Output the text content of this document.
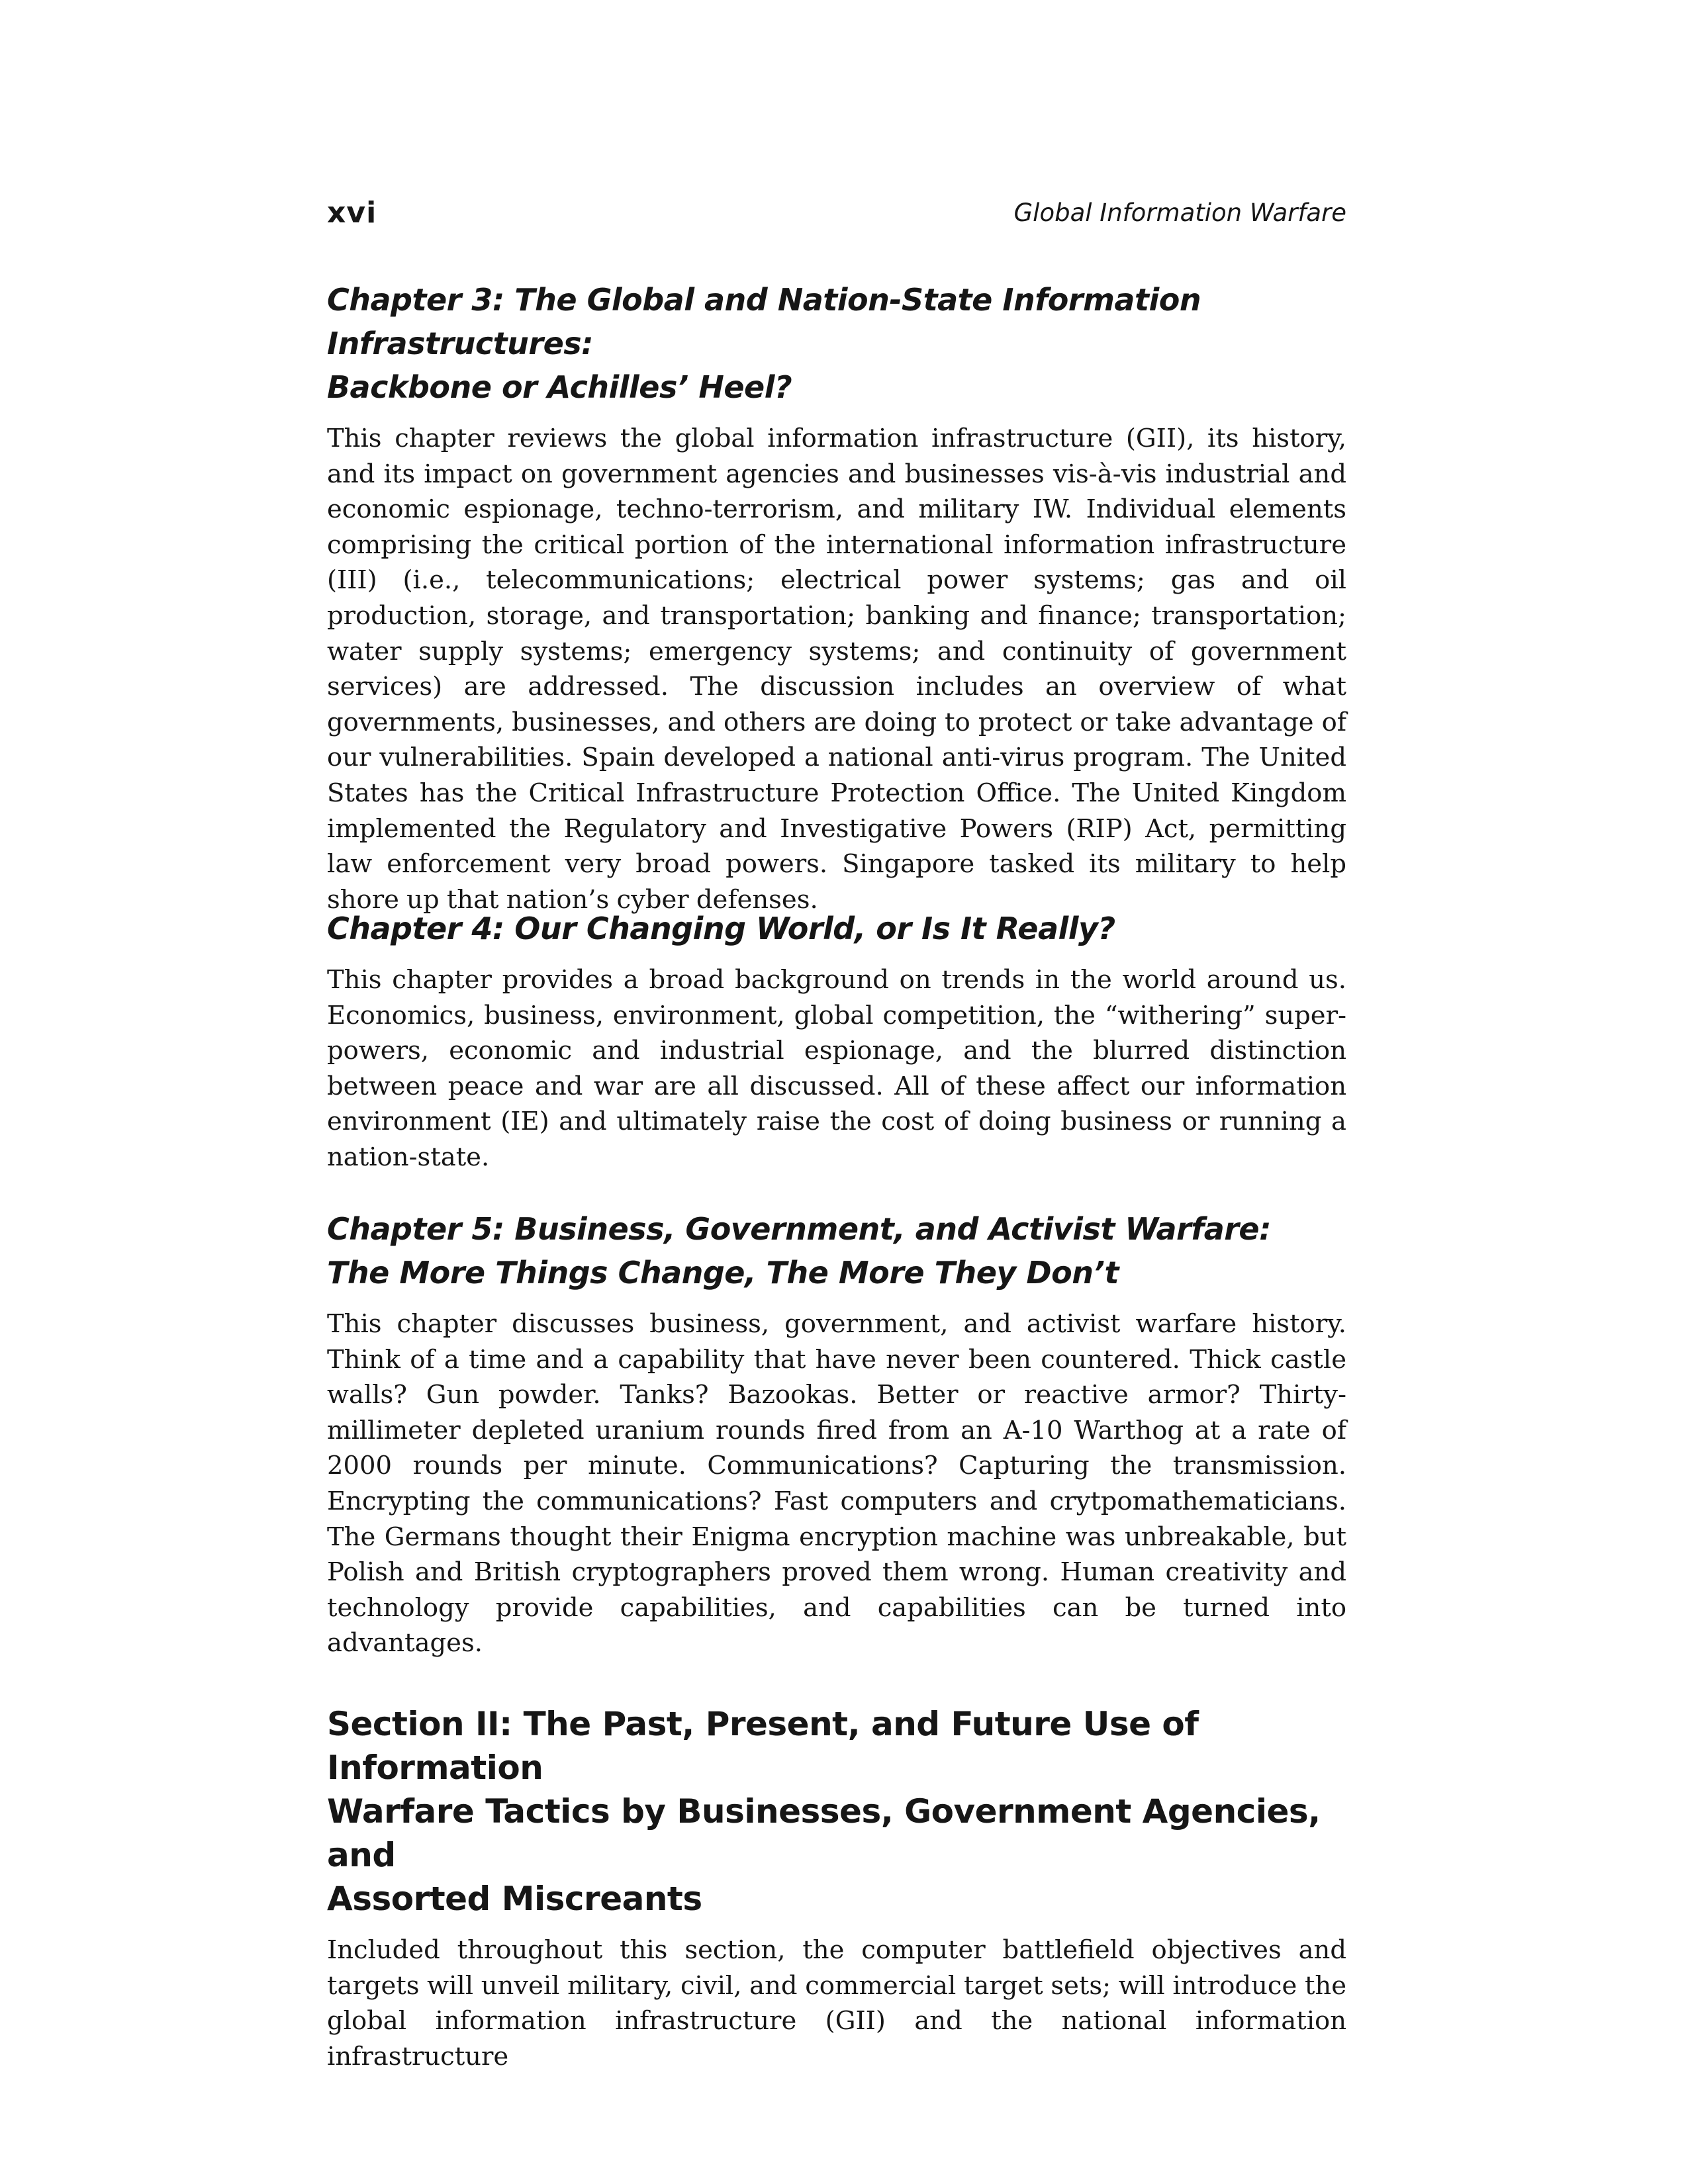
xvi	Global Information Warfare
Chapter 3: The Global and Nation-State Information Infrastructures:
Backbone or Achilles’ Heel?

This chapter reviews the global information infrastructure (GII), its history, and its impact on government agencies and businesses vis-à-vis industrial and economic espionage, techno-terrorism, and military IW. Individual elements comprising the critical portion of the international information infrastructure (III) (i.e., telecommunications; electrical power systems; gas and oil production, storage, and transportation; banking and finance; transportation; water supply systems; emergency systems; and continuity of government services) are addressed. The discussion includes an overview of what governments, businesses, and others are doing to protect or take advantage of our vulnerabilities. Spain developed a national anti-virus program. The United States has the Critical Infrastructure Protection Office. The United Kingdom implemented the Regulatory and Investigative Powers (RIP) Act, permitting law enforcement very broad powers. Singapore tasked its military to help shore up that nation’s cyber defenses.

Chapter 4: Our Changing World, or Is It Really?

This chapter provides a broad background on trends in the world around us. Economics, business, environment, global competition, the “withering” superpowers, economic and industrial espionage, and the blurred distinction between peace and war are all discussed. All of these affect our information environment (IE) and ultimately raise the cost of doing business or running a nation-state.

Chapter 5: Business, Government, and Activist Warfare:
The More Things Change, The More They Don’t

This chapter discusses business, government, and activist warfare history. Think of a time and a capability that have never been countered. Thick castle walls? Gun powder. Tanks? Bazookas. Better or reactive armor? Thirty-millimeter depleted uranium rounds fired from an A-10 Warthog at a rate of 2000 rounds per minute. Communications? Capturing the transmission. Encrypting the communications? Fast computers and crytpomathematicians. The Germans thought their Enigma encryption machine was unbreakable, but Polish and British cryptographers proved them wrong. Human creativity and technology provide capabilities, and capabilities can be turned into advantages.

Section II: The Past, Present, and Future Use of Information
Warfare Tactics by Businesses, Government Agencies, and
Assorted Miscreants

Included throughout this section, the computer battlefield objectives and targets will unveil military, civil, and commercial target sets; will introduce the global information infrastructure (GII) and the national information infrastructure
